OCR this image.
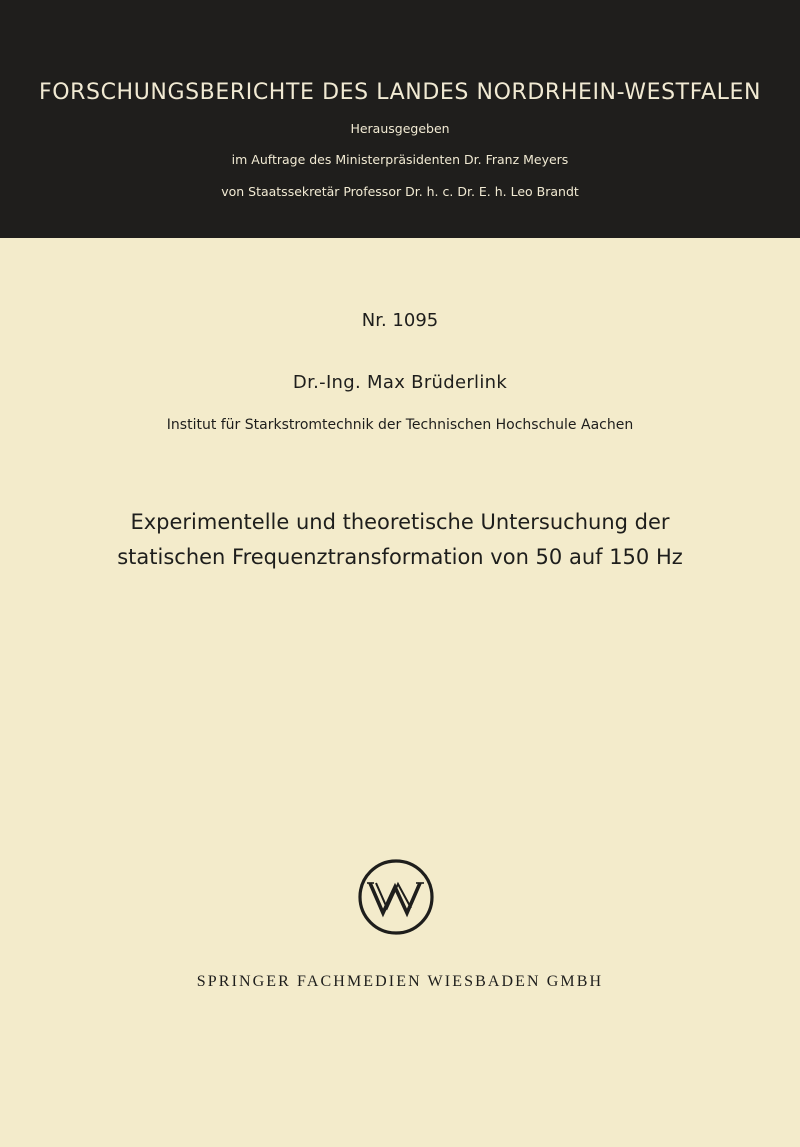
FORSCHUNGSBERICHTE DES LANDES NORDRHEIN-WESTFALEN
Herausgegeben
im Auftrage des Ministerpräsidenten Dr. Franz Meyers
von Staatssekretär Professor Dr. h. c. Dr. E. h. Leo Brandt
Nr. 1095
Dr.-Ing. Max Brüderlink
Institut für Starkstromtechnik der Technischen Hochschule Aachen
Experimentelle und theoretische Untersuchung der
statischen Frequenztransformation von 50 auf 150 Hz
SPRINGER FACHMEDIEN WIESBADEN GMBH
